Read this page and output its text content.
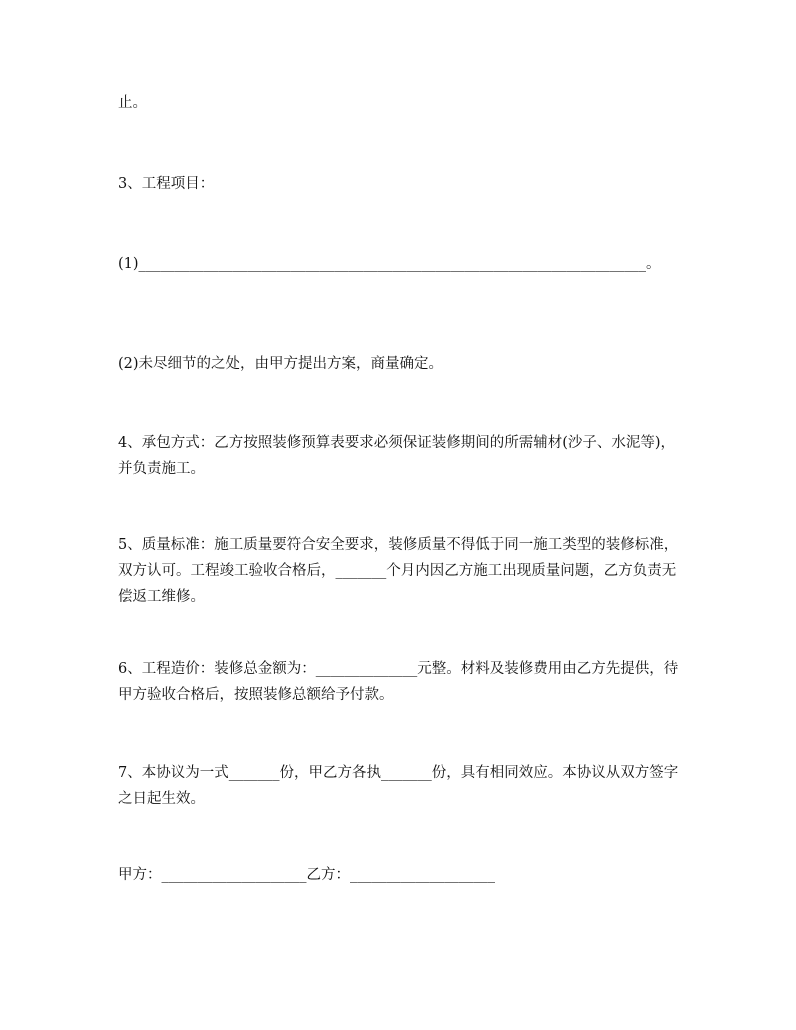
止。
3、工程项目：
(1)______________________________________________________________________。
(2)未尽细节的之处，由甲方提出方案，商量确定。
4、承包方式：乙方按照装修预算表要求必须保证装修期间的所需辅材(沙子、水泥等)，并负责施工。
5、质量标准：施工质量要符合安全要求，装修质量不得低于同一施工类型的装修标准，双方认可。工程竣工验收合格后，_______个月内因乙方施工出现质量问题，乙方负责无偿返工维修。
6、工程造价：装修总金额为：______________元整。材料及装修费用由乙方先提供，待甲方验收合格后，按照装修总额给予付款。
7、本协议为一式_______份，甲乙方各执_______份，具有相同效应。本协议从双方签字之日起生效。
甲方：____________________乙方：____________________
